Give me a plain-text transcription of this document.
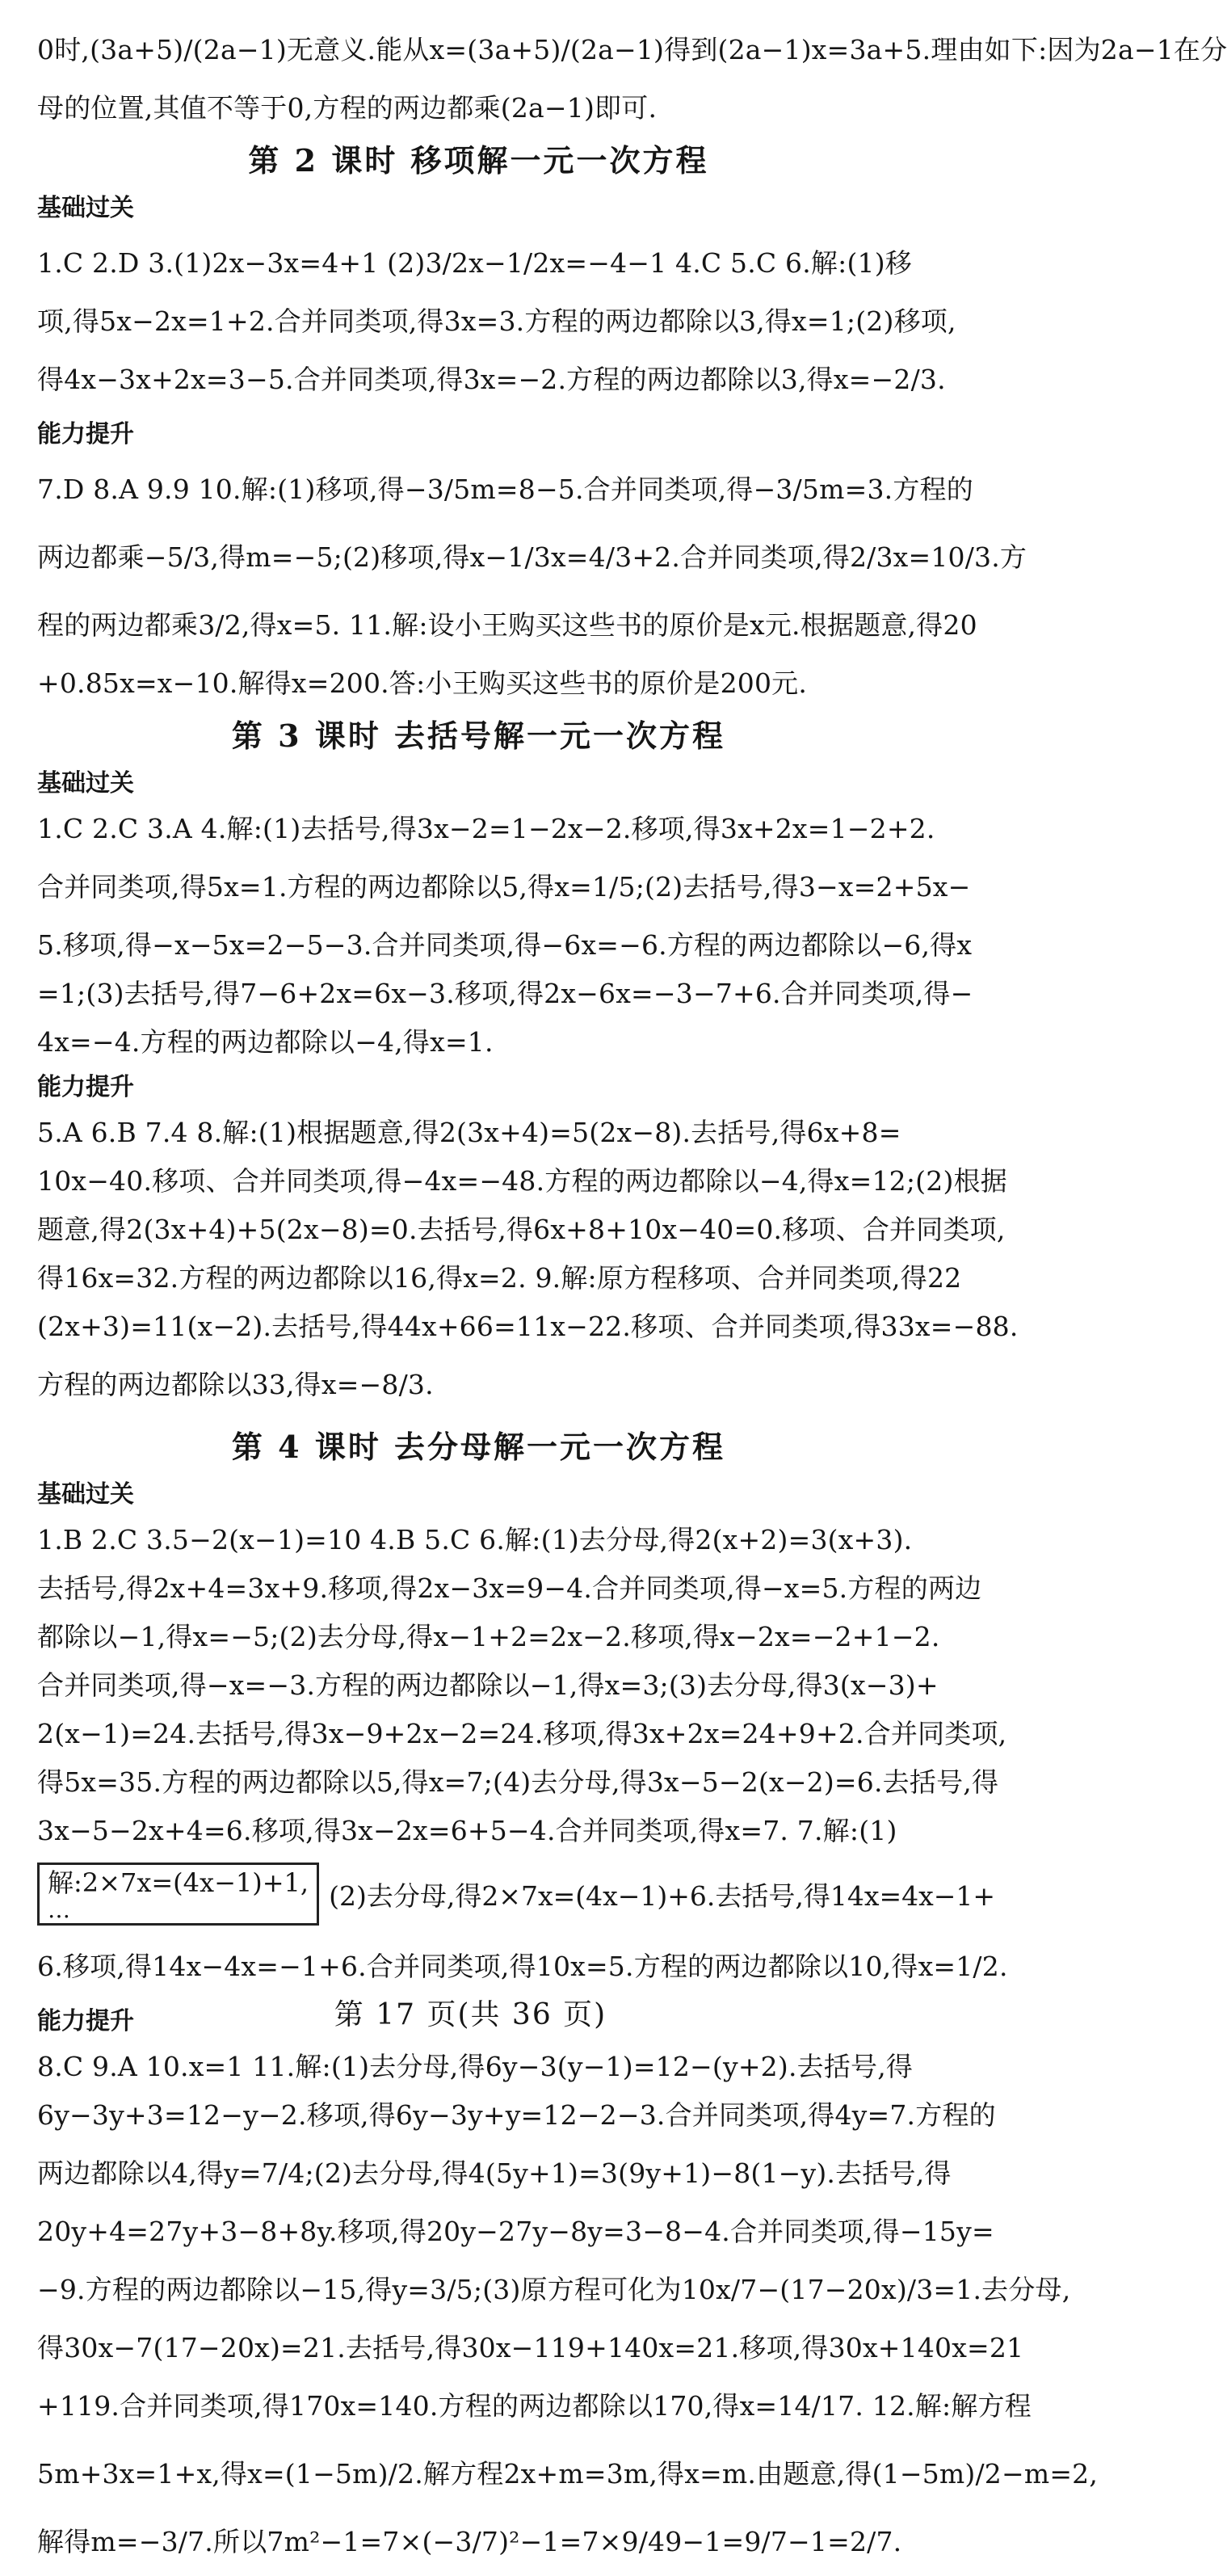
0时,(3a+5)/(2a−1)无意义.能从x=(3a+5)/(2a−1)得到(2a−1)x=3a+5.理由如下:因为2a−1在分
母的位置,其值不等于0,方程的两边都乘(2a−1)即可.
第 2 课时 移项解一元一次方程
基础过关
1.C 2.D 3.(1)2x−3x=4+1 (2)3/2x−1/2x=−4−1 4.C 5.C 6.解:(1)移
项,得5x−2x=1+2.合并同类项,得3x=3.方程的两边都除以3,得x=1;(2)移项,
得4x−3x+2x=3−5.合并同类项,得3x=−2.方程的两边都除以3,得x=−2/3.
能力提升
7.D 8.A 9.9 10.解:(1)移项,得−3/5m=8−5.合并同类项,得−3/5m=3.方程的
两边都乘−5/3,得m=−5;(2)移项,得x−1/3x=4/3+2.合并同类项,得2/3x=10/3.方
程的两边都乘3/2,得x=5. 11.解:设小王购买这些书的原价是x元.根据题意,得20
+0.85x=x−10.解得x=200.答:小王购买这些书的原价是200元.
第 3 课时 去括号解一元一次方程
基础过关
1.C 2.C 3.A 4.解:(1)去括号,得3x−2=1−2x−2.移项,得3x+2x=1−2+2.
合并同类项,得5x=1.方程的两边都除以5,得x=1/5;(2)去括号,得3−x=2+5x−
5.移项,得−x−5x=2−5−3.合并同类项,得−6x=−6.方程的两边都除以−6,得x
=1;(3)去括号,得7−6+2x=6x−3.移项,得2x−6x=−3−7+6.合并同类项,得−
4x=−4.方程的两边都除以−4,得x=1.
能力提升
5.A 6.B 7.4 8.解:(1)根据题意,得2(3x+4)=5(2x−8).去括号,得6x+8=
10x−40.移项、合并同类项,得−4x=−48.方程的两边都除以−4,得x=12;(2)根据
题意,得2(3x+4)+5(2x−8)=0.去括号,得6x+8+10x−40=0.移项、合并同类项,
得16x=32.方程的两边都除以16,得x=2. 9.解:原方程移项、合并同类项,得22
(2x+3)=11(x−2).去括号,得44x+66=11x−22.移项、合并同类项,得33x=−88.
方程的两边都除以33,得x=−8/3.
第 4 课时 去分母解一元一次方程
基础过关
1.B 2.C 3.5−2(x−1)=10 4.B 5.C 6.解:(1)去分母,得2(x+2)=3(x+3).
去括号,得2x+4=3x+9.移项,得2x−3x=9−4.合并同类项,得−x=5.方程的两边
都除以−1,得x=−5;(2)去分母,得x−1+2=2x−2.移项,得x−2x=−2+1−2.
合并同类项,得−x=−3.方程的两边都除以−1,得x=3;(3)去分母,得3(x−3)+
2(x−1)=24.去括号,得3x−9+2x−2=24.移项,得3x+2x=24+9+2.合并同类项,
得5x=35.方程的两边都除以5,得x=7;(4)去分母,得3x−5−2(x−2)=6.去括号,得
3x−5−2x+4=6.移项,得3x−2x=6+5−4.合并同类项,得x=7. 7.解:(1)
解:2×7x=(4x−1)+1,
…	(2)去分母,得2×7x=(4x−1)+6.去括号,得14x=4x−1+
6.移项,得14x−4x=−1+6.合并同类项,得10x=5.方程的两边都除以10,得x=1/2.
能力提升
8.C 9.A 10.x=1 11.解:(1)去分母,得6y−3(y−1)=12−(y+2).去括号,得
6y−3y+3=12−y−2.移项,得6y−3y+y=12−2−3.合并同类项,得4y=7.方程的
两边都除以4,得y=7/4;(2)去分母,得4(5y+1)=3(9y+1)−8(1−y).去括号,得
20y+4=27y+3−8+8y.移项,得20y−27y−8y=3−8−4.合并同类项,得−15y=
−9.方程的两边都除以−15,得y=3/5;(3)原方程可化为10x/7−(17−20x)/3=1.去分母,
得30x−7(17−20x)=21.去括号,得30x−119+140x=21.移项,得30x+140x=21
+119.合并同类项,得170x=140.方程的两边都除以170,得x=14/17. 12.解:解方程
5m+3x=1+x,得x=(1−5m)/2.解方程2x+m=3m,得x=m.由题意,得(1−5m)/2−m=2,
解得m=−3/7.所以7m²−1=7×(−3/7)²−1=7×9/49−1=9/7−1=2/7.
第 17 页(共 36 页)
